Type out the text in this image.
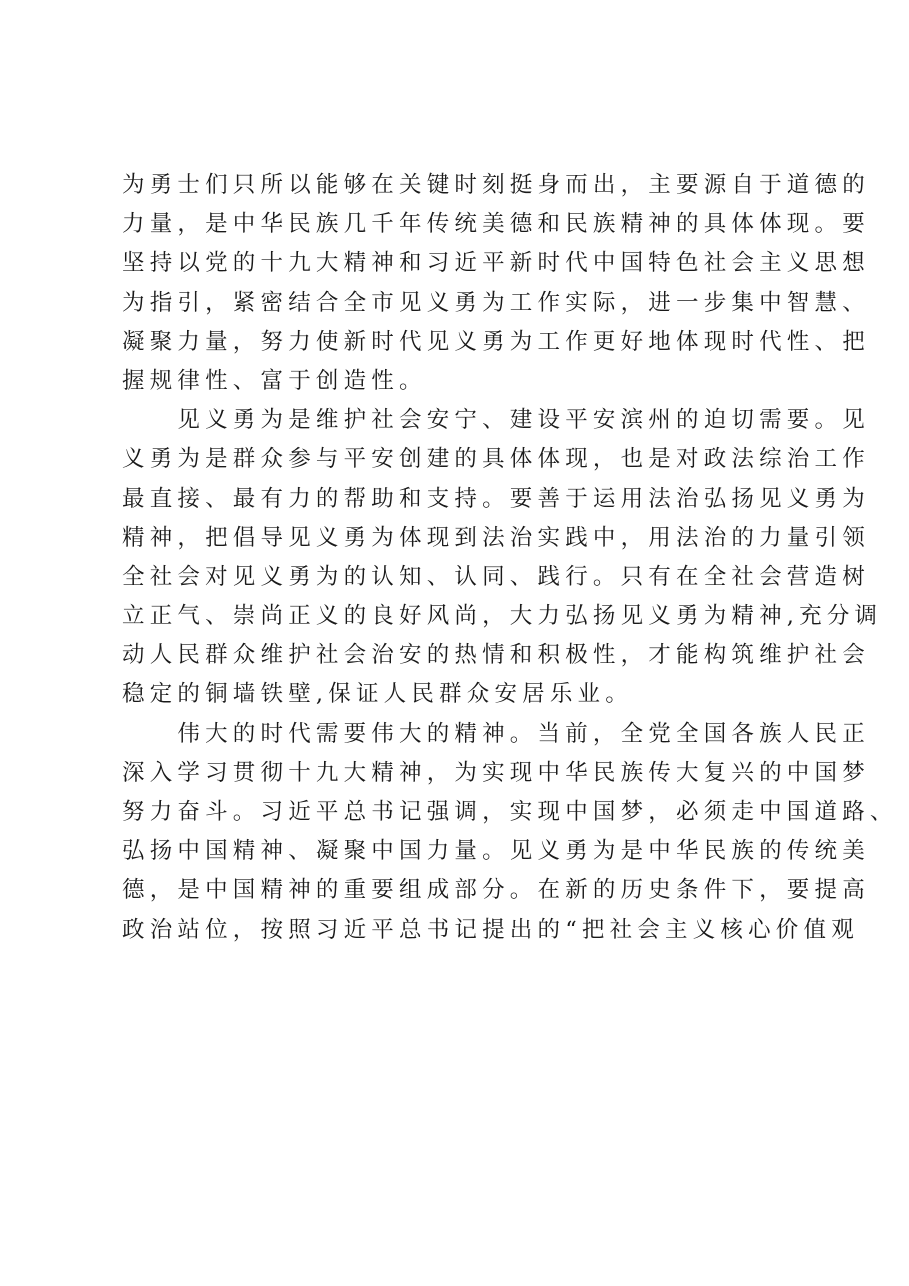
为勇士们只所以能够在关键时刻挺身而出，主要源自于道德的
力量，是中华民族几千年传统美德和民族精神的具体体现。要
坚持以党的十九大精神和习近平新时代中国特色社会主义思想
为指引，紧密结合全市见义勇为工作实际，进一步集中智慧、
凝聚力量，努力使新时代见义勇为工作更好地体现时代性、把
握规律性、富于创造性。
　　见义勇为是维护社会安宁、建设平安滨州的迫切需要。见
义勇为是群众参与平安创建的具体体现，也是对政法综治工作
最直接、最有力的帮助和支持。要善于运用法治弘扬见义勇为
精神，把倡导见义勇为体现到法治实践中，用法治的力量引领
全社会对见义勇为的认知、认同、践行。只有在全社会营造树
立正气、崇尚正义的良好风尚，大力弘扬见义勇为精神,充分调
动人民群众维护社会治安的热情和积极性，才能构筑维护社会
稳定的铜墙铁壁,保证人民群众安居乐业。
　　伟大的时代需要伟大的精神。当前，全党全国各族人民正
深入学习贯彻十九大精神，为实现中华民族传大复兴的中国梦
努力奋斗。习近平总书记强调，实现中国梦，必须走中国道路、
弘扬中国精神、凝聚中国力量。见义勇为是中华民族的传统美
德，是中国精神的重要组成部分。在新的历史条件下，要提高
政治站位，按照习近平总书记提出的“把社会主义核心价值观
